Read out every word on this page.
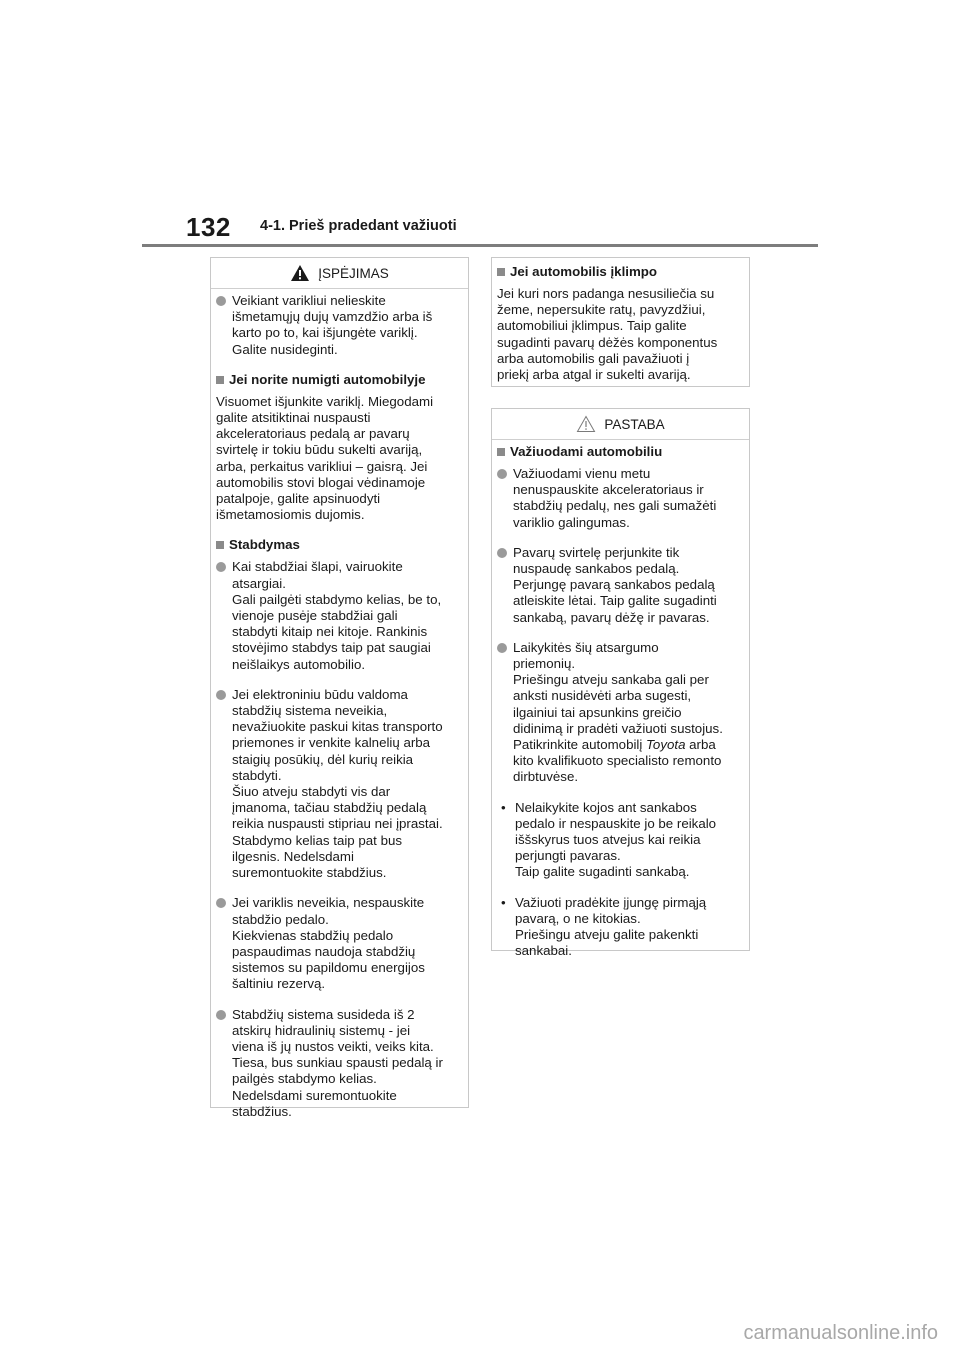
132 4-1. Prieš pradedant važiuoti
ĮSPĖJIMAS

Veikiant varikliui nelieskite
išmetamųjų dujų vamzdžio arba iš
karto po to, kai išjungėte variklį.
Galite nusideginti.

Jei norite numigti automobilyje

Visuomet išjunkite variklį. Miegodami
galite atsitiktinai nuspausti
akceleratoriaus pedalą ar pavarų
svirtelę ir tokiu būdu sukelti avariją,
arba, perkaitus varikliui – gaisrą. Jei
automobilis stovi blogai vėdinamoje
patalpoje, galite apsinuodyti
išmetamosiomis dujomis.

Stabdymas

Kai stabdžiai šlapi, vairuokite
atsargiai.
Gali pailgėti stabdymo kelias, be to,
vienoje pusėje stabdžiai gali
stabdyti kitaip nei kitoje. Rankinis
stovėjimo stabdys taip pat saugiai
neišlaikys automobilio.

Jei elektroniniu būdu valdoma
stabdžių sistema neveikia,
nevažiuokite paskui kitas transporto
priemones ir venkite kalnelių arba
staigių posūkių, dėl kurių reikia
stabdyti.
Šiuo atveju stabdyti vis dar
įmanoma, tačiau stabdžių pedalą
reikia nuspausti stipriau nei įprastai.
Stabdymo kelias taip pat bus
ilgesnis. Nedelsdami
suremontuokite stabdžius.

Jei variklis neveikia, nespauskite
stabdžio pedalo.
Kiekvienas stabdžių pedalo
paspaudimas naudoja stabdžių
sistemos su papildomu energijos
šaltiniu rezervą.

Stabdžių sistema susideda iš 2
atskirų hidraulinių sistemų - jei
viena iš jų nustos veikti, veiks kita.
Tiesa, bus sunkiau spausti pedalą ir
pailgės stabdymo kelias.
Nedelsdami suremontuokite
stabdžius.

Jei automobilis įklimpo

Jei kuri nors padanga nesusiliečia su
žeme, nepersukite ratų, pavyzdžiui,
automobiliui įklimpus. Taip galite
sugadinti pavarų dėžės komponentus
arba automobilis gali pavažiuoti į
priekį arba atgal ir sukelti avariją.

PASTABA
Važiuodami automobiliu

Važiuodami vienu metu
nenuspauskite akceleratoriaus ir
stabdžių pedalų, nes gali sumažėti
variklio galingumas.

Pavarų svirtelę perjunkite tik
nuspaudę sankabos pedalą.
Perjungę pavarą sankabos pedalą
atleiskite lėtai. Taip galite sugadinti
sankabą, pavarų dėžę ir pavaras.

Laikykitės šių atsargumo
priemonių.
Priešingu atveju sankaba gali per
anksti nusidėvėti arba sugesti,
ilgainiui tai apsunkins greičio
didinimą ir pradėti važiuoti sustojus.
Patikrinkite automobilį Toyota arba
kito kvalifikuoto specialisto remonto
dirbtuvėse.

• Nelaikykite kojos ant sankabos
pedalo ir nespauskite jo be reikalo
iššskyrus tuos atvejus kai reikia
perjungti pavaras.
Taip galite sugadinti sankabą.

• Važiuoti pradėkite įjungę pirmąją
pavarą, o ne kitokias.
Priešingu atveju galite pakenkti
sankabai.

carmanualsonline.info
